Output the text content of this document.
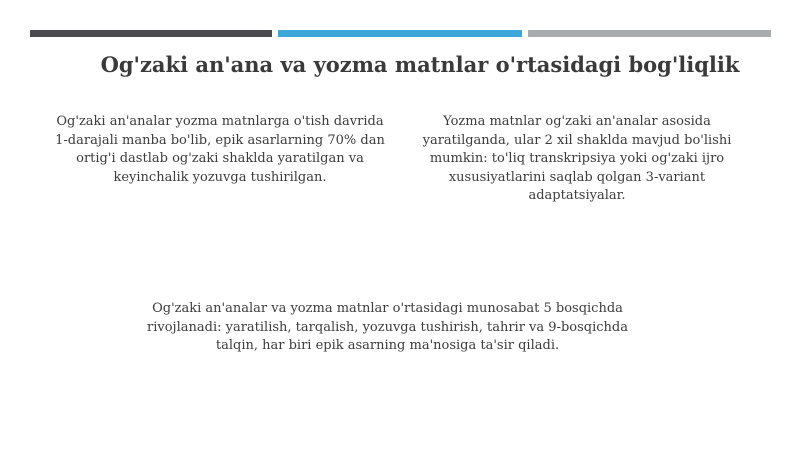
Og'zaki an'ana va yozma matnlar o'rtasidagi bog'liqlik
Og'zaki an'analar yozma matnlarga o'tish davrida 1-darajali manba bo'lib, epik asarlarning 70% dan ortig'i dastlab og'zaki shaklda yaratilgan va keyinchalik yozuvga tushirilgan.
Yozma matnlar og'zaki an'analar asosida yaratilganda, ular 2 xil shaklda mavjud bo'lishi mumkin: to'liq transkripsiya yoki og'zaki ijro xususiyatlarini saqlab qolgan 3-variant adaptatsiyalar.
Og'zaki an'analar va yozma matnlar o'rtasidagi munosabat 5 bosqichda rivojlanadi: yaratilish, tarqalish, yozuvga tushirish, tahrir va 9-bosqichda talqin, har biri epik asarning ma'nosiga ta'sir qiladi.
